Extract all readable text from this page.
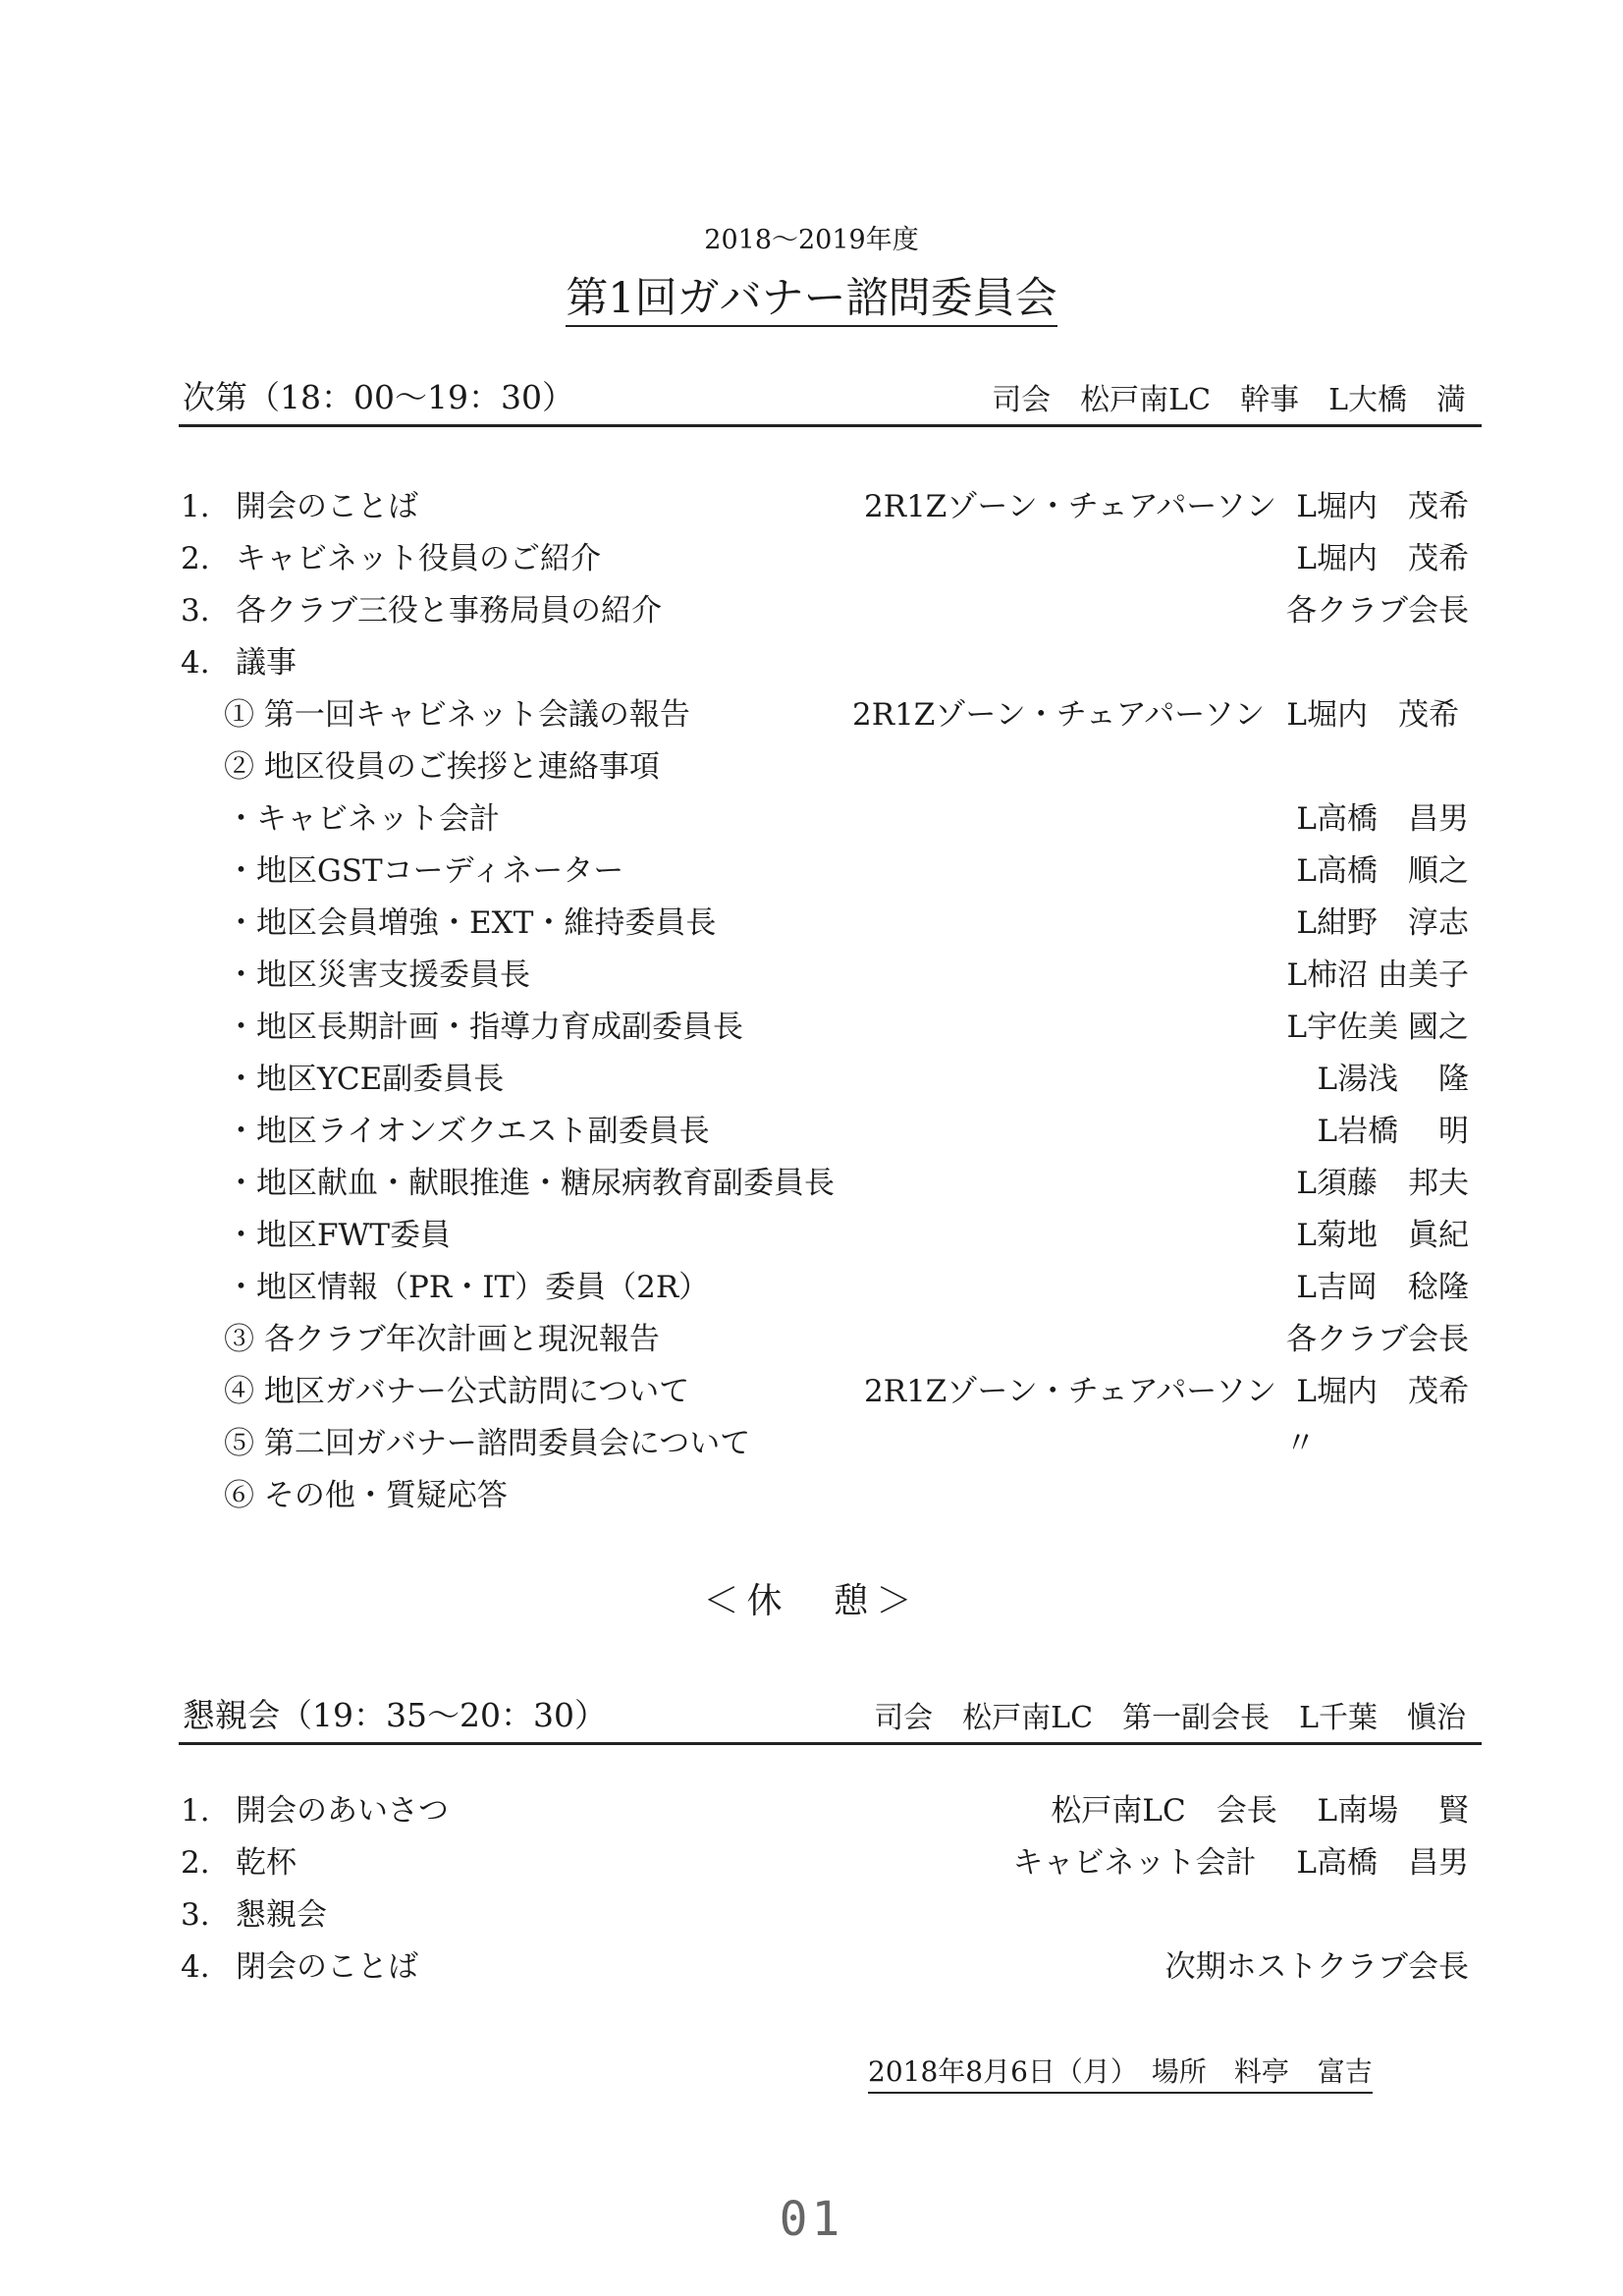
2018～2019年度
第1回ガバナー諮問委員会
次第（18：00～19：30）	司会　松戸南LC　幹事　L大橋　満
1. 開会のことば	2R1Zゾーン・チェアパーソン L堀内　茂希
2. キャビネット役員のご紹介	L堀内　茂希
3. 各クラブ三役と事務局員の紹介	各クラブ会長
4. 議事
① 第一回キャビネット会議の報告	2R1Zゾーン・チェアパーソン L堀内　茂希
② 地区役員のご挨拶と連絡事項
・キャビネット会計	L高橋　昌男
・地区GSTコーディネーター	L高橋　順之
・地区会員増強・EXT・維持委員長	L紺野　淳志
・地区災害支援委員長	L柿沼 由美子
・地区長期計画・指導力育成副委員長	L宇佐美 國之
・地区YCE副委員長	L湯浅　 隆
・地区ライオンズクエスト副委員長	L岩橋　 明
・地区献血・献眼推進・糖尿病教育副委員長	L須藤　邦夫
・地区FWT委員	L菊地　眞紀
・地区情報（PR・IT）委員（2R）	L吉岡　稔隆
③ 各クラブ年次計画と現況報告	各クラブ会長
④ 地区ガバナー公式訪問について	2R1Zゾーン・チェアパーソン L堀内　茂希
⑤ 第二回ガバナー諮問委員会について	〃
⑥ その他・質疑応答
＜休　憩＞
懇親会（19：35～20：30）	司会　松戸南LC　第一副会長　L千葉　愼治
1. 開会のあいさつ	松戸南LC　会長　 L南場　 賢
2. 乾杯	キャビネット会計　 L高橋　昌男
3. 懇親会
4. 閉会のことば	次期ホストクラブ会長
2018年8月6日（月）　場所　料亭 富吉
01
